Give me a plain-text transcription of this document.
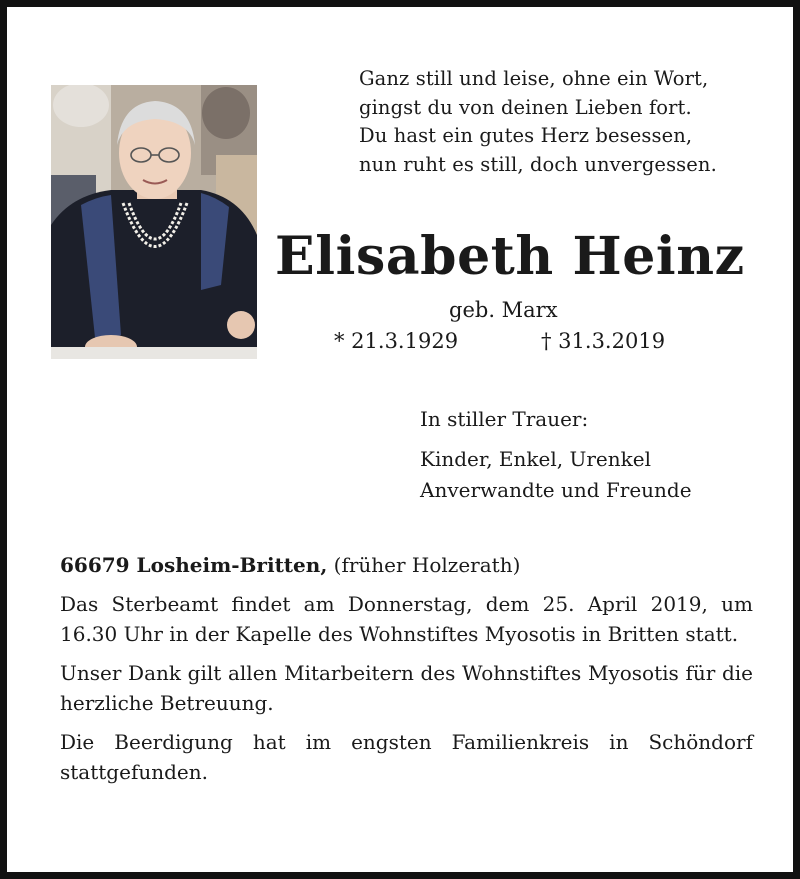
Ganz still und leise, ohne ein Wort,
gingst du von deinen Lieben fort.
Du hast ein gutes Herz besessen,
nun ruht es still, doch unvergessen.
Elisabeth Heinz
geb. Marx
* 21.3.1929	† 31.3.2019
In stiller Trauer:
Kinder, Enkel, Urenkel
Anverwandte und Freunde
66679 Losheim-Britten, (früher Holzerath)

Das Sterbeamt findet am Donnerstag, dem 25. April 2019, um 16.30 Uhr in der Kapelle des Wohnstiftes Myosotis in Britten statt.

Unser Dank gilt allen Mitarbeitern des Wohnstiftes Myosotis für die herzliche Betreuung.

Die Beerdigung hat im engsten Familienkreis in Schöndorf stattgefunden.
